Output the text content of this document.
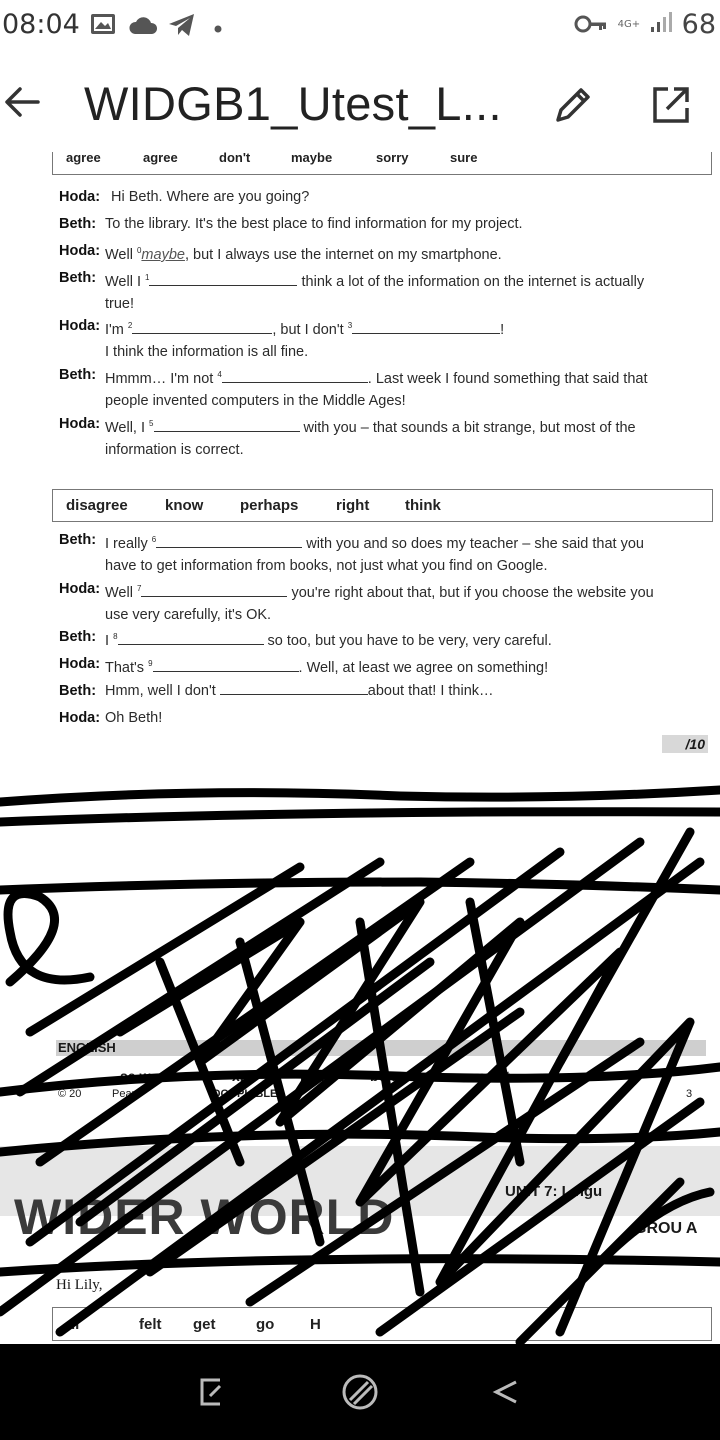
08:04	4G+ 68
WIDGB1_Utest_L...
agree	agree	don't	maybe	sorry	sure
Hoda: Hi Beth. Where are you going?
Beth: To the library. It's the best place to find information for my project.
Hoda: Well $^0$maybe, but I always use the internet on my smartphone.
Beth: Well I $^1$	think a lot of the information on the internet is actually
true!
Hoda: I'm $^2$	, but I don't $^3$	!
I think the information is all fine.
Beth: Hmmm… I'm not $^4$	. Last week I found something that said that
people invented computers in the Middle Ages!
Hoda: Well, I $^5$	with you – that sounds a bit strange, but most of the
information is correct.
disagree know perhaps	right think
Beth: I really $^6$	with you and so does my teacher – she said that you
have to get information from books, not just what you find on Google.
Hoda: Well $^7$	you're right about that, but if you choose the website you
use very carefully, it's OK.
Beth: I $^8$	so too, but you have to be very, very careful.
Hoda: That's $^9$	. Well, at least we agree on something!
Beth: Hmm, well I don't	about that! I think…
Hoda: Oh Beth!
/10
ENGLISH
se w	xpr	ns in	boxes t	mplet ema
© 20	Pear	OCOPIABLE	3
WIDER WORLD	UNIT 7: L ngu
GROU A
Hi Lily,
di	felt get	go H
